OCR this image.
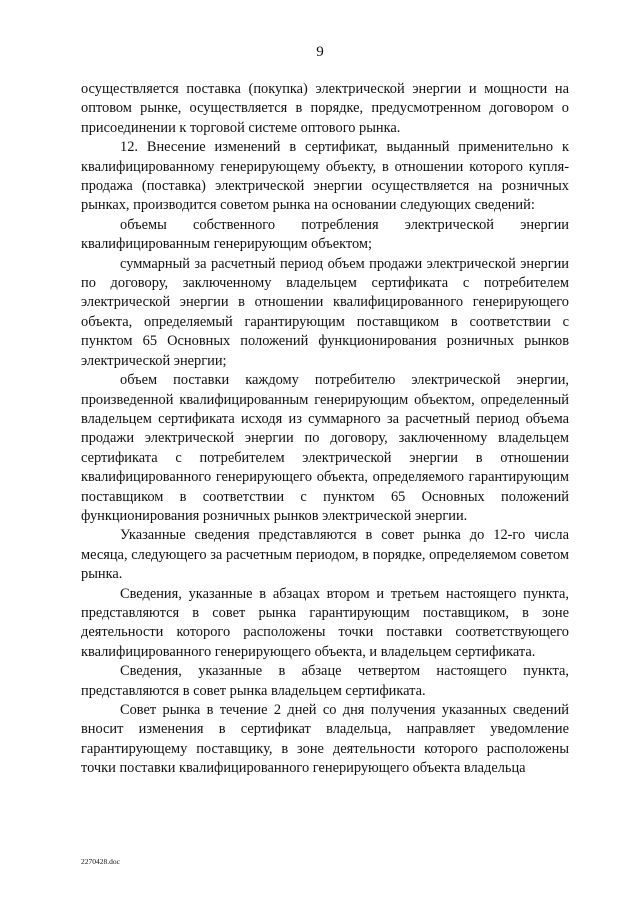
9

осуществляется поставка (покупка) электрической энергии и мощности на оптовом рынке, осуществляется в порядке, предусмотренном договором о присоединении к торговой системе оптового рынка.

12. Внесение изменений в сертификат, выданный применительно к квалифицированному генерирующему объекту, в отношении которого купля-продажа (поставка) электрической энергии осуществляется на розничных рынках, производится советом рынка на основании следующих сведений:

объемы собственного потребления электрической энергии квалифицированным генерирующим объектом;

суммарный за расчетный период объем продажи электрической энергии по договору, заключенному владельцем сертификата с потребителем электрической энергии в отношении квалифицированного генерирующего объекта, определяемый гарантирующим поставщиком в соответствии с пунктом 65 Основных положений функционирования розничных рынков электрической энергии;

объем поставки каждому потребителю электрической энергии, произведенной квалифицированным генерирующим объектом, определенный владельцем сертификата исходя из суммарного за расчетный период объема продажи электрической энергии по договору, заключенному владельцем сертификата с потребителем электрической энергии в отношении квалифицированного генерирующего объекта, определяемого гарантирующим поставщиком в соответствии с пунктом 65 Основных положений функционирования розничных рынков электрической энергии.

Указанные сведения представляются в совет рынка до 12-го числа месяца, следующего за расчетным периодом, в порядке, определяемом советом рынка.

Сведения, указанные в абзацах втором и третьем настоящего пункта, представляются в совет рынка гарантирующим поставщиком, в зоне деятельности которого расположены точки поставки соответствующего квалифицированного генерирующего объекта, и владельцем сертификата.

Сведения, указанные в абзаце четвертом настоящего пункта, представляются в совет рынка владельцем сертификата.

Совет рынка в течение 2 дней со дня получения указанных сведений вносит изменения в сертификат владельца, направляет уведомление гарантирующему поставщику, в зоне деятельности которого расположены точки поставки квалифицированного генерирующего объекта владельца

2270428.doc
